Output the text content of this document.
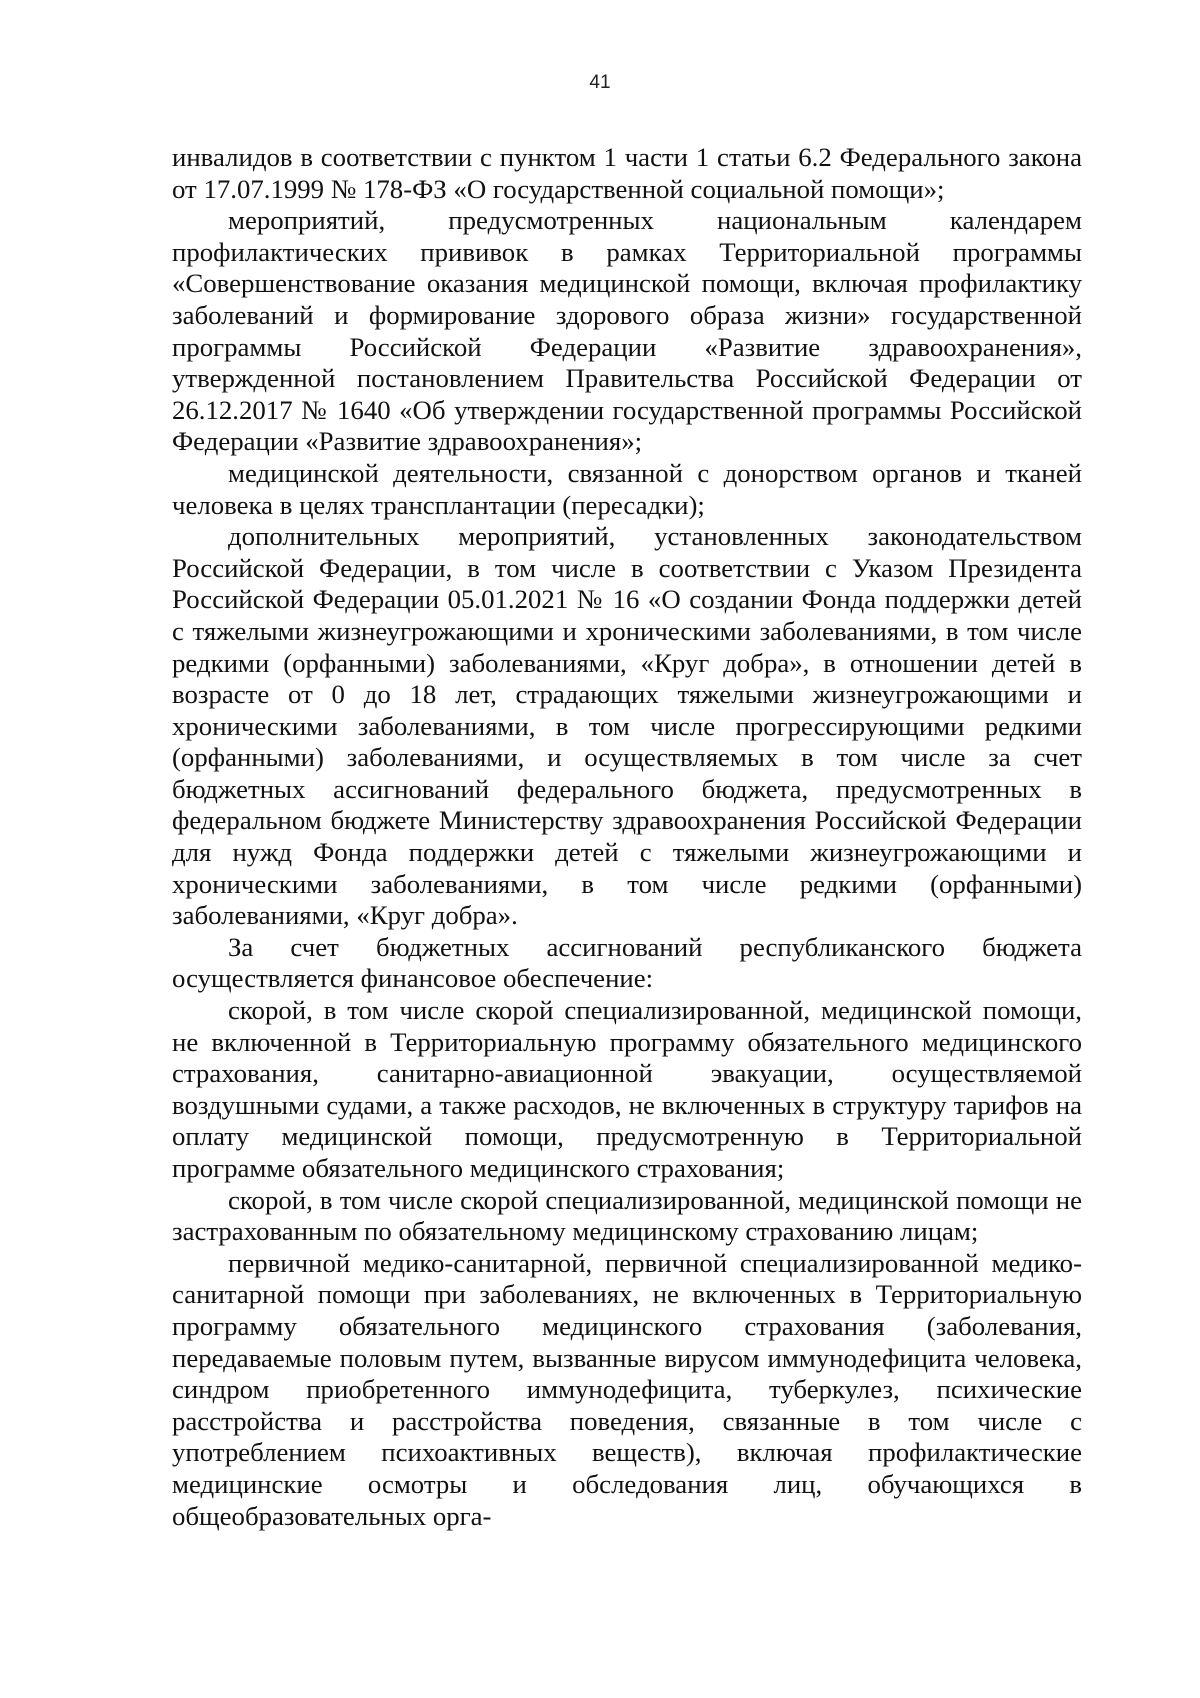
41

инвалидов в соответствии с пунктом 1 части 1 статьи 6.2 Федерального закона от 17.07.1999 № 178-ФЗ «О государственной социальной помощи»;

мероприятий, предусмотренных национальным календарем профилактических прививок в рамках Территориальной программы «Совершенствование оказания медицинской помощи, включая профилактику заболеваний и формирование здорового образа жизни» государственной программы Российской Федерации «Развитие здравоохранения», утвержденной постановлением Правительства Российской Федерации от 26.12.2017 № 1640 «Об утверждении государственной программы Российской Федерации «Развитие здравоохранения»;

медицинской деятельности, связанной с донорством органов и тканей человека в целях трансплантации (пересадки);

дополнительных мероприятий, установленных законодательством Российской Федерации, в том числе в соответствии с Указом Президента Российской Федерации 05.01.2021 № 16 «О создании Фонда поддержки детей с тяжелыми жизнеугрожающими и хроническими заболеваниями, в том числе редкими (орфанными) заболеваниями, «Круг добра», в отношении детей в возрасте от 0 до 18 лет, страдающих тяжелыми жизнеугрожающими и хроническими заболеваниями, в том числе прогрессирующими редкими (орфанными) заболеваниями, и осуществляемых в том числе за счет бюджетных ассигнований федерального бюджета, предусмотренных в федеральном бюджете Министерству здравоохранения Российской Федерации для нужд Фонда поддержки детей с тяжелыми жизнеугрожающими и хроническими заболеваниями, в том числе редкими (орфанными) заболеваниями, «Круг добра».

За счет бюджетных ассигнований республиканского бюджета осуществляется финансовое обеспечение:

скорой, в том числе скорой специализированной, медицинской помощи, не включенной в Территориальную программу обязательного медицинского страхования, санитарно-авиационной эвакуации, осуществляемой воздушными судами, а также расходов, не включенных в структуру тарифов на оплату медицинской помощи, предусмотренную в Территориальной программе обязательного медицинского страхования;

скорой, в том числе скорой специализированной, медицинской помощи не застрахованным по обязательному медицинскому страхованию лицам;

первичной медико-санитарной, первичной специализированной медико-санитарной помощи при заболеваниях, не включенных в Территориальную программу обязательного медицинского страхования (заболевания, передаваемые половым путем, вызванные вирусом иммунодефицита человека, синдром приобретенного иммунодефицита, туберкулез, психические расстройства и расстройства поведения, связанные в том числе с употреблением психоактивных веществ), включая профилактические медицинские осмотры и обследования лиц, обучающихся в общеобразовательных орга-
